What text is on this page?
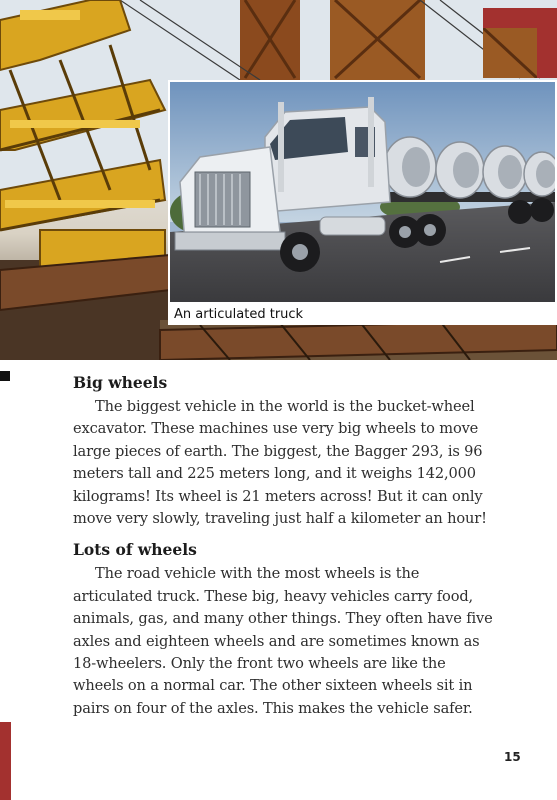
An articulated truck
Big wheels

The biggest vehicle in the world is the bucket-wheel excavator. These machines use very big wheels to move large pieces of earth. The biggest, the Bagger 293, is 96 meters tall and 225 meters long, and it weighs 142,000 kilograms! Its wheel is 21 meters across! But it can only move very slowly, traveling just half a kilometer an hour!

Lots of wheels

The road vehicle with the most wheels is the articulated truck. These big, heavy vehicles carry food, animals, gas, and many other things. They often have five axles and eighteen wheels and are sometimes known as 18-wheelers. Only the front two wheels are like the wheels on a normal car. The other sixteen wheels sit in pairs on four of the axles. This makes the vehicle safer.

15
